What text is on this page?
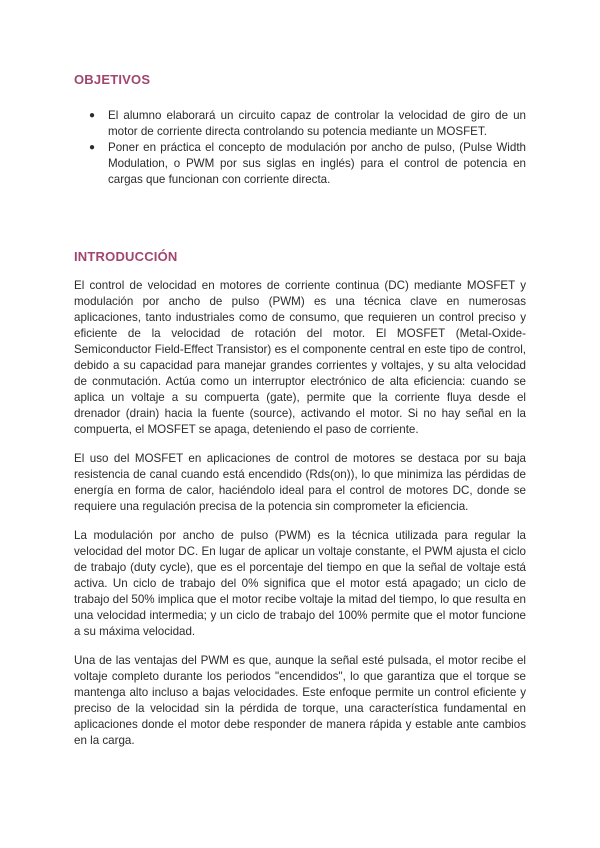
OBJETIVOS
● El alumno elaborará un circuito capaz de controlar la velocidad de giro de un motor de corriente directa controlando su potencia mediante un MOSFET.
● Poner en práctica el concepto de modulación por ancho de pulso, (Pulse Width Modulation, o PWM por sus siglas en inglés) para el control de potencia en cargas que funcionan con corriente directa.
INTRODUCCIÓN

El control de velocidad en motores de corriente continua (DC) mediante MOSFET y modulación por ancho de pulso (PWM) es una técnica clave en numerosas aplicaciones, tanto industriales como de consumo, que requieren un control preciso y eficiente de la velocidad de rotación del motor. El MOSFET (Metal-Oxide-Semiconductor Field-Effect Transistor) es el componente central en este tipo de control, debido a su capacidad para manejar grandes corrientes y voltajes, y su alta velocidad de conmutación. Actúa como un interruptor electrónico de alta eficiencia: cuando se aplica un voltaje a su compuerta (gate), permite que la corriente fluya desde el drenador (drain) hacia la fuente (source), activando el motor. Si no hay señal en la compuerta, el MOSFET se apaga, deteniendo el paso de corriente.

El uso del MOSFET en aplicaciones de control de motores se destaca por su baja resistencia de canal cuando está encendido (Rds(on)), lo que minimiza las pérdidas de energía en forma de calor, haciéndolo ideal para el control de motores DC, donde se requiere una regulación precisa de la potencia sin comprometer la eficiencia.

La modulación por ancho de pulso (PWM) es la técnica utilizada para regular la velocidad del motor DC. En lugar de aplicar un voltaje constante, el PWM ajusta el ciclo de trabajo (duty cycle), que es el porcentaje del tiempo en que la señal de voltaje está activa. Un ciclo de trabajo del 0% significa que el motor está apagado; un ciclo de trabajo del 50% implica que el motor recibe voltaje la mitad del tiempo, lo que resulta en una velocidad intermedia; y un ciclo de trabajo del 100% permite que el motor funcione a su máxima velocidad.

Una de las ventajas del PWM es que, aunque la señal esté pulsada, el motor recibe el voltaje completo durante los periodos "encendidos", lo que garantiza que el torque se mantenga alto incluso a bajas velocidades. Este enfoque permite un control eficiente y preciso de la velocidad sin la pérdida de torque, una característica fundamental en aplicaciones donde el motor debe responder de manera rápida y estable ante cambios en la carga.
